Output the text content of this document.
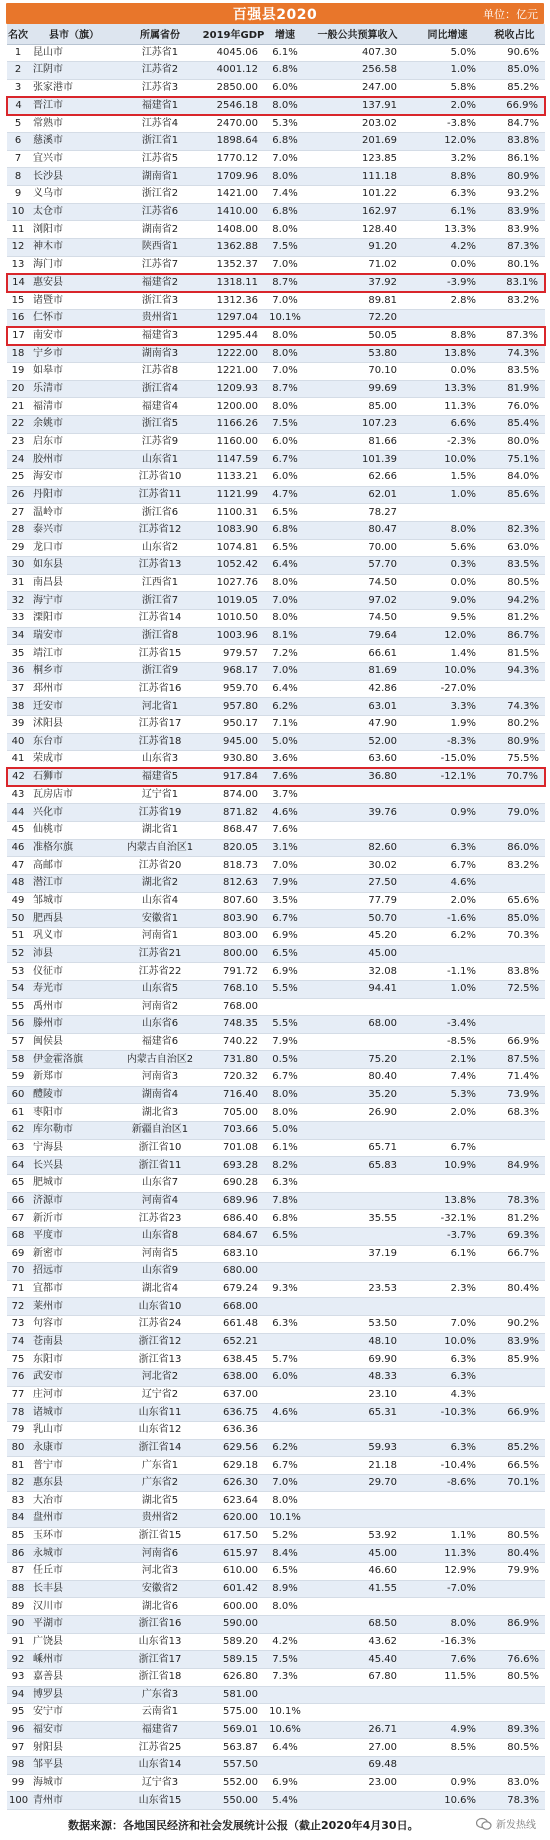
百强县2020	单位：亿元
名次	县市（旗）	所属省份	2019年GDP	增速	一般公共预算收入	同比增速	税收占比
1	昆山市	江苏省1	4045.06	6.1%	407.30	5.0%	90.6%
2	江阴市	江苏省2	4001.12	6.8%	256.58	1.0%	85.0%
3	张家港市	江苏省3	2850.00	6.0%	247.00	5.8%	85.2%
4	晋江市	福建省1	2546.18	8.0%	137.91	2.0%	66.9%
5	常熟市	江苏省4	2470.00	5.3%	203.02	-3.8%	84.7%
6	慈溪市	浙江省1	1898.64	6.8%	201.69	12.0%	83.8%
7	宜兴市	江苏省5	1770.12	7.0%	123.85	3.2%	86.1%
8	长沙县	湖南省1	1709.96	8.0%	111.18	8.8%	80.9%
9	义乌市	浙江省2	1421.00	7.4%	101.22	6.3%	93.2%
10	太仓市	江苏省6	1410.00	6.8%	162.97	6.1%	83.9%
11	浏阳市	湖南省2	1408.00	8.0%	128.40	13.3%	83.9%
12	神木市	陕西省1	1362.88	7.5%	91.20	4.2%	87.3%
13	海门市	江苏省7	1352.37	7.0%	71.02	0.0%	80.1%
14	惠安县	福建省2	1318.11	8.7%	37.92	-3.9%	83.1%
15	诸暨市	浙江省3	1312.36	7.0%	89.81	2.8%	83.2%
16	仁怀市	贵州省1	1297.04	10.1%	72.20		
17	南安市	福建省3	1295.44	8.0%	50.05	8.8%	87.3%
18	宁乡市	湖南省3	1222.00	8.0%	53.80	13.8%	74.3%
19	如皋市	江苏省8	1221.00	7.0%	70.10	0.0%	83.5%
20	乐清市	浙江省4	1209.93	8.7%	99.69	13.3%	81.9%
21	福清市	福建省4	1200.00	8.0%	85.00	11.3%	76.0%
22	余姚市	浙江省5	1166.26	7.5%	107.23	6.6%	85.4%
23	启东市	江苏省9	1160.00	6.0%	81.66	-2.3%	80.0%
24	胶州市	山东省1	1147.59	6.7%	101.39	10.0%	75.1%
25	海安市	江苏省10	1133.21	6.0%	62.66	1.5%	84.0%
26	丹阳市	江苏省11	1121.99	4.7%	62.01	1.0%	85.6%
27	温岭市	浙江省6	1100.31	6.5%	78.27		
28	泰兴市	江苏省12	1083.90	6.8%	80.47	8.0%	82.3%
29	龙口市	山东省2	1074.81	6.5%	70.00	5.6%	63.0%
30	如东县	江苏省13	1052.42	6.4%	57.70	0.3%	83.5%
31	南昌县	江西省1	1027.76	8.0%	74.50	0.0%	80.5%
32	海宁市	浙江省7	1019.05	7.0%	97.02	9.0%	94.2%
33	溧阳市	江苏省14	1010.50	8.0%	74.50	9.5%	81.2%
34	瑞安市	浙江省8	1003.96	8.1%	79.64	12.0%	86.7%
35	靖江市	江苏省15	979.57	7.2%	66.61	1.4%	81.5%
36	桐乡市	浙江省9	968.17	7.0%	81.69	10.0%	94.3%
37	邳州市	江苏省16	959.70	6.4%	42.86	-27.0%	
38	迁安市	河北省1	957.80	6.2%	63.01	3.3%	74.3%
39	沭阳县	江苏省17	950.17	7.1%	47.90	1.9%	80.2%
40	东台市	江苏省18	945.00	5.0%	52.00	-8.3%	80.9%
41	荣成市	山东省3	930.80	3.6%	63.60	-15.0%	75.5%
42	石狮市	福建省5	917.84	7.6%	36.80	-12.1%	70.7%
43	瓦房店市	辽宁省1	874.00	3.7%			
44	兴化市	江苏省19	871.82	4.6%	39.76	0.9%	79.0%
45	仙桃市	湖北省1	868.47	7.6%			
46	准格尔旗	内蒙古自治区1	820.05	3.1%	82.60	6.3%	86.0%
47	高邮市	江苏省20	818.73	7.0%	30.02	6.7%	83.2%
48	潜江市	湖北省2	812.63	7.9%	27.50	4.6%	
49	邹城市	山东省4	807.60	3.5%	77.79	2.0%	65.6%
50	肥西县	安徽省1	803.90	6.7%	50.70	-1.6%	85.0%
51	巩义市	河南省1	803.00	6.9%	45.20	6.2%	70.3%
52	沛县	江苏省21	800.00	6.5%	45.00		
53	仪征市	江苏省22	791.72	6.9%	32.08	-1.1%	83.8%
54	寿光市	山东省5	768.10	5.5%	94.41	1.0%	72.5%
55	禹州市	河南省2	768.00				
56	滕州市	山东省6	748.35	5.5%	68.00	-3.4%	
57	闽侯县	福建省6	740.22	7.9%		-8.5%	66.9%
58	伊金霍洛旗	内蒙古自治区2	731.80	0.5%	75.20	2.1%	87.5%
59	新郑市	河南省3	720.32	6.7%	80.40	7.4%	71.4%
60	醴陵市	湖南省4	716.40	8.0%	35.20	5.3%	73.9%
61	枣阳市	湖北省3	705.00	8.0%	26.90	2.0%	68.3%
62	库尔勒市	新疆自治区1	703.66	5.0%			
63	宁海县	浙江省10	701.08	6.1%	65.71	6.7%	
64	长兴县	浙江省11	693.28	8.2%	65.83	10.9%	84.9%
65	肥城市	山东省7	690.28	6.3%			
66	济源市	河南省4	689.96	7.8%		13.8%	78.3%
67	新沂市	江苏省23	686.40	6.8%	35.55	-32.1%	81.2%
68	平度市	山东省8	684.67	6.5%		-3.7%	69.3%
69	新密市	河南省5	683.10		37.19	6.1%	66.7%
70	招远市	山东省9	680.00				
71	宜都市	湖北省4	679.24	9.3%	23.53	2.3%	80.4%
72	莱州市	山东省10	668.00				
73	句容市	江苏省24	661.48	6.3%	53.50	7.0%	90.2%
74	苍南县	浙江省12	652.21		48.10	10.0%	83.9%
75	东阳市	浙江省13	638.45	5.7%	69.90	6.3%	85.9%
76	武安市	河北省2	638.00	6.0%	48.33	6.3%	
77	庄河市	辽宁省2	637.00		23.10	4.3%	
78	诸城市	山东省11	636.75	4.6%	65.31	-10.3%	66.9%
79	乳山市	山东省12	636.36				
80	永康市	浙江省14	629.56	6.2%	59.93	6.3%	85.2%
81	普宁市	广东省1	629.18	6.7%	21.18	-10.4%	66.5%
82	惠东县	广东省2	626.30	7.0%	29.70	-8.6%	70.1%
83	大冶市	湖北省5	623.64	8.0%			
84	盘州市	贵州省2	620.00	10.1%			
85	玉环市	浙江省15	617.50	5.2%	53.92	1.1%	80.5%
86	永城市	河南省6	615.97	8.4%	45.00	11.3%	80.4%
87	任丘市	河北省3	610.00	6.5%	46.60	12.9%	79.9%
88	长丰县	安徽省2	601.42	8.9%	41.55	-7.0%	
89	汉川市	湖北省6	600.00	8.0%			
90	平湖市	浙江省16	590.00		68.50	8.0%	86.9%
91	广饶县	山东省13	589.20	4.2%	43.62	-16.3%	
92	嵊州市	浙江省17	589.15	7.5%	45.40	7.6%	76.6%
93	嘉善县	浙江省18	626.80	7.3%	67.80	11.5%	80.5%
94	博罗县	广东省3	581.00				
95	安宁市	云南省1	575.00	10.1%			
96	福安市	福建省7	569.01	10.6%	26.71	4.9%	89.3%
97	射阳县	江苏省25	563.87	6.4%	27.00	8.5%	80.5%
98	邹平县	山东省14	557.50		69.48		
99	海城市	辽宁省3	552.00	6.9%	23.00	0.9%	83.0%
100	青州市	山东省15	550.00	5.4%		10.6%	78.3%
数据来源：各地国民经济和社会发展统计公报（截止2020年4月30日。	新发热线
